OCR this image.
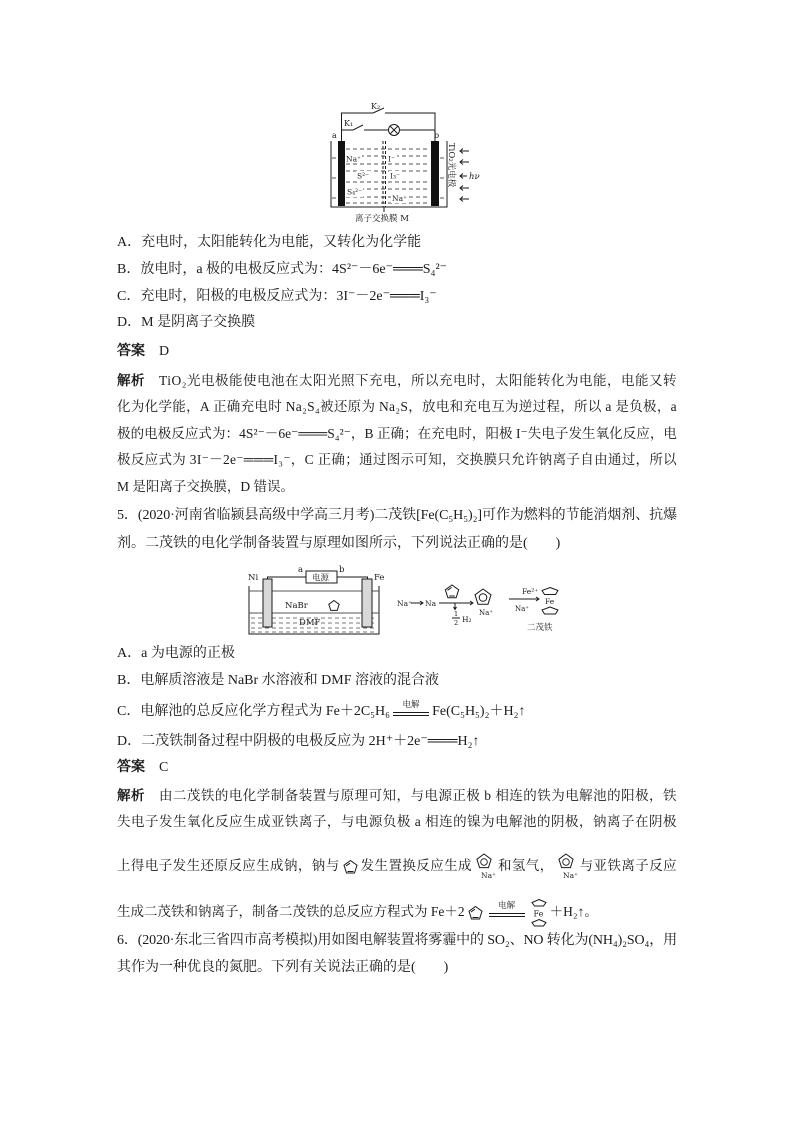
K₂
K₁
a	b
Na⁺	I⁻
S²⁻	I₃⁻
S₄²⁻
Na⁺
TiO₂光电极 hν
离子交换膜 M
A．充电时，太阳能转化为电能，又转化为化学能
B．放电时，a 极的电极反应式为：4S²⁻－6e⁻═══S₄²⁻
C．充电时，阳极的电极反应式为：3I⁻－2e⁻═══I₃⁻
D．M 是阴离子交换膜
答案 D
解析 TiO₂光电极能使电池在太阳光照下充电，所以充电时，太阳能转化为电能，电能又转
化为化学能，A 正确充电时 Na₂S₄被还原为 Na₂S，放电和充电互为逆过程，所以 a 是负极，a
极的电极反应式为：4S²⁻－6e⁻═══S₄²⁻，B 正确；在充电时，阳极 I⁻失电子发生氧化反应，电
极反应式为 3I⁻－2e⁻═══I₃⁻，C 正确；通过图示可知，交换膜只允许钠离子自由通过，所以
M 是阳离子交换膜，D 错误。
5．(2020·河南省临颍县高级中学高三月考)二茂铁[Fe(C₅H₅)₂]可作为燃料的节能消烟剂、抗爆
剂。二茂铁的电化学制备装置与原理如图所示，下列说法正确的是(　　)
Ni	Fe
a	b
电源
NaBr
DMF
Na⁺ Na
1
2 H₂
Na⁺
Fe²⁺
Na⁺
Fe
二茂铁
A．a 为电源的正极
B．电解质溶液是 NaBr 水溶液和 DMF 溶液的混合液
C．电解池的总反应化学方程式为 Fe＋2C₅H₆	电解 Fe(C₅H₅)₂＋H₂↑
D．二茂铁制备过程中阴极的电极反应为 2H⁺＋2e⁻═══H₂↑
答案 C
解析 由二茂铁的电化学制备装置与原理可知，与电源正极 b 相连的铁为电解池的阳极，铁
失电子发生氧化反应生成亚铁离子，与电源负极 a 相连的镍为电解池的阴极，钠离子在阴极
上得电子发生还原反应生成钠，钠与 发生置换反应生成
Na⁺
和氢气，
Na⁺
与亚铁离子反应
生成二茂铁和钠离子，制备二茂铁的总反应方程式为 Fe＋2	电解
Fe ＋H₂↑。
6．(2020·东北三省四市高考模拟)用如图电解装置将雾霾中的 SO₂、NO 转化为(NH₄)₂SO₄，用
其作为一种优良的氮肥。下列有关说法正确的是(　　)
